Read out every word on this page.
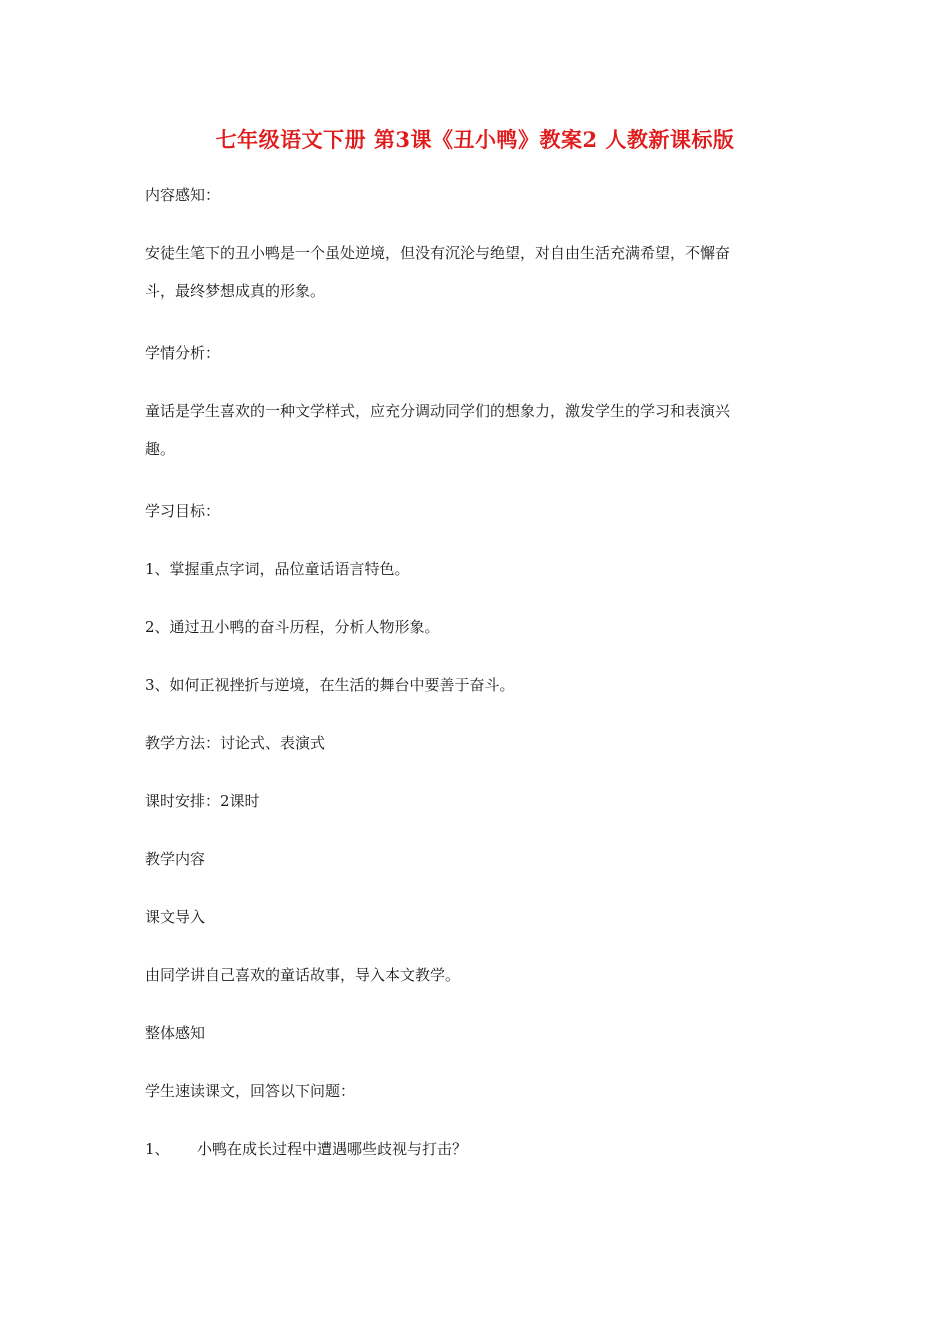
七年级语文下册 第3课《丑小鸭》教案2 人教新课标版
内容感知：
安徒生笔下的丑小鸭是一个虽处逆境，但没有沉沦与绝望，对自由生活充满希望，不懈奋
斗，最终梦想成真的形象。
学情分析：
童话是学生喜欢的一种文学样式，应充分调动同学们的想象力，激发学生的学习和表演兴
趣。
学习目标：
1、掌握重点字词，品位童话语言特色。
2、通过丑小鸭的奋斗历程，分析人物形象。
3、如何正视挫折与逆境，在生活的舞台中要善于奋斗。
教学方法：讨论式、表演式
课时安排：2课时
教学内容
课文导入
由同学讲自己喜欢的童话故事，导入本文教学。
整体感知
学生速读课文，回答以下问题：
1、 小鸭在成长过程中遭遇哪些歧视与打击？
